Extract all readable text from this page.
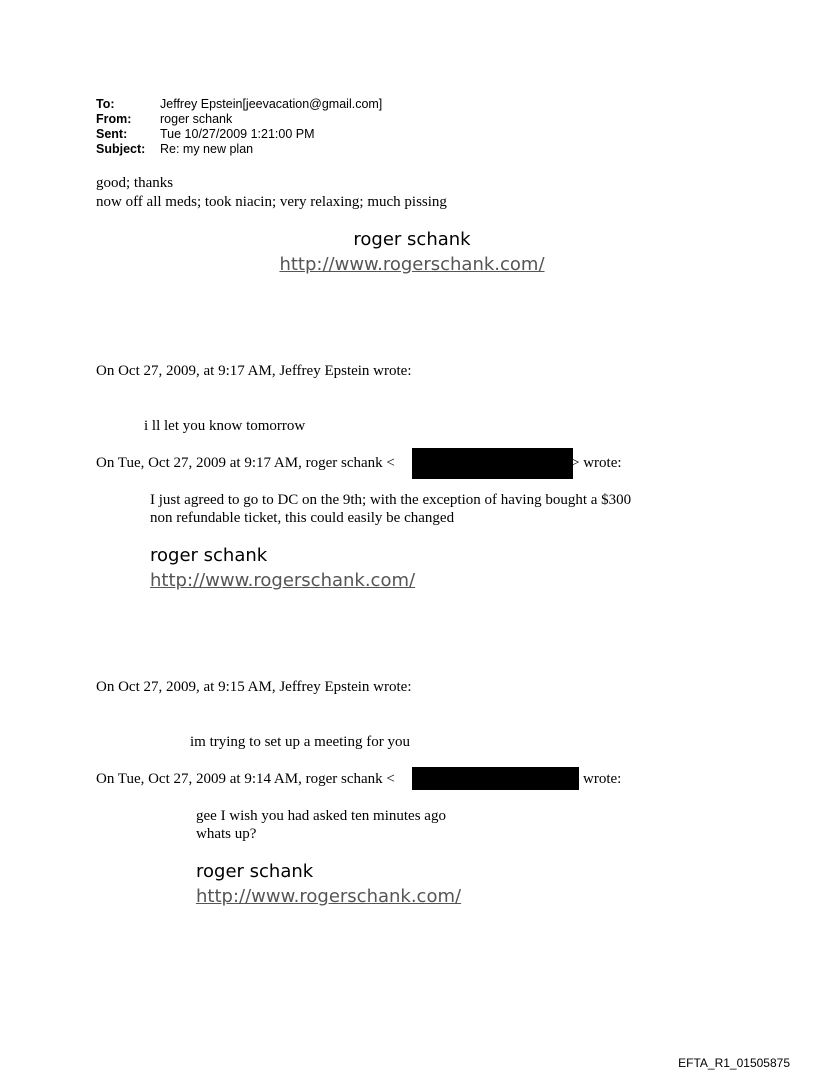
To:	Jeffrey Epstein[jeevacation@gmail.com]
From: roger schank
Sent:	Tue 10/27/2009 1:21:00 PM
Subject: Re: my new plan
good; thanks
now off all meds; took niacin; very relaxing; much pissing
roger schank
http://www.rogerschank.com/
On Oct 27, 2009, at 9:17 AM, Jeffrey Epstein wrote:
i ll let you know tomorrow
On Tue, Oct 27, 2009 at 9:17 AM, roger schank <	> wrote:
I just agreed to go to DC on the 9th; with the exception of having bought a $300
non refundable ticket, this could easily be changed
roger schank
http://www.rogerschank.com/
On Oct 27, 2009, at 9:15 AM, Jeffrey Epstein wrote:
im trying to set up a meeting for you
On Tue, Oct 27, 2009 at 9:14 AM, roger schank <	wrote:
gee I wish you had asked ten minutes ago
whats up?
roger schank
http://www.rogerschank.com/
EFTA_R1_01505875
